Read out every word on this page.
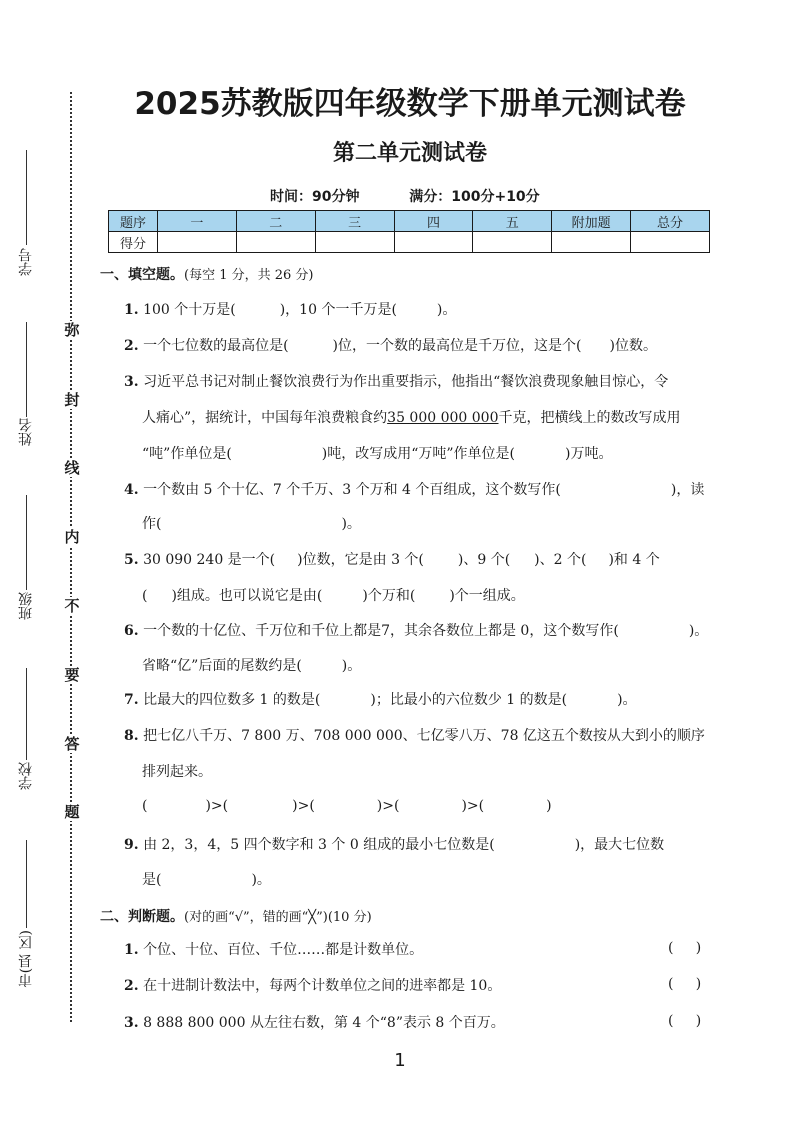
弥
封
线
内
不
要
答
题
学号
姓名
班级
学校
市(县 区)
2025苏教版四年级数学下册单元测试卷
第二单元测试卷
时间：90分钟	满分：100分+10分
题序	一	二	三	四	五	附加题	总分
得分							
一、填空题。(每空 1 分，共 26 分)
1. 100 个十万是(	)，10 个一千万是(	)。
2. 一个七位数的最高位是(	)位，一个数的最高位是千万位，这是个( )位数。
3. 习近平总书记对制止餐饮浪费行为作出重要指示，他指出“餐饮浪费现象触目惊心，令
人痛心”，据统计，中国每年浪费粮食约35 000 000 000千克，把横线上的数改写成用
“吨”作单位是(	)吨，改写成用“万吨”作单位是(	)万吨。
4. 一个数由 5 个十亿、7 个千万、3 个万和 4 个百组成，这个数写作(	)，读
作(	)。
5. 30 090 240 是一个( )位数，它是由 3 个( )、9 个( )、2 个( )和 4 个
( )组成。也可以说它是由(	)个万和( )个一组成。
6. 一个数的十亿位、千万位和千位上都是7，其余各数位上都是 0，这个数写作(	)。
省略“亿”后面的尾数约是(	)。
7. 比最大的四位数多 1 的数是(	)；比最小的六位数少 1 的数是(	)。
8. 把七亿八千万、7 800 万、708 000 000、七亿零八万、78 亿这五个数按从大到小的顺序
排列起来。
(	)>(	)>(	)>(	)>(	)
9. 由 2，3，4，5 四个数字和 3 个 0 组成的最小七位数是(	)，最大七位数
是(	)。
二、判断题。(对的画“√”，错的画“╳”)(10 分)
1. 个位、十位、百位、千位……都是计数单位。	(     )
2. 在十进制计数法中，每两个计数单位之间的进率都是 10。	(     )
3. 8 888 800 000 从左往右数，第 4 个“8”表示 8 个百万。	(     )
1
